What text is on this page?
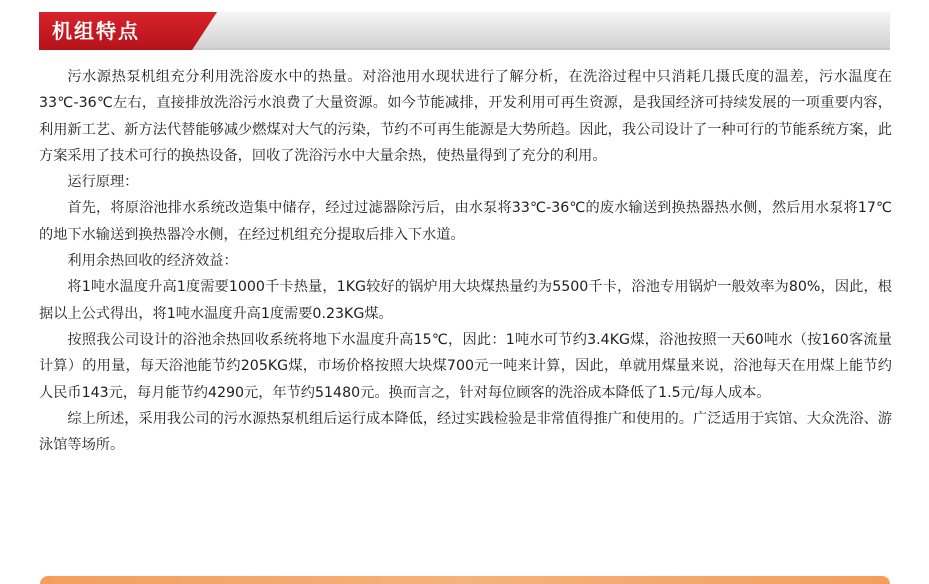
机组特点

污水源热泵机组充分利用洗浴废水中的热量。对浴池用水现状进行了解分析，在洗浴过程中只消耗几摄氏度的温差，污水温度在33℃-36℃左右，直接排放洗浴污水浪费了大量资源。如今节能减排，开发利用可再生资源，是我国经济可持续发展的一项重要内容，利用新工艺、新方法代替能够减少燃煤对大气的污染，节约不可再生能源是大势所趋。因此，我公司设计了一种可行的节能系统方案，此方案采用了技术可行的换热设备，回收了洗浴污水中大量余热，使热量得到了充分的利用。

运行原理：

首先，将原浴池排水系统改造集中储存，经过过滤器除污后，由水泵将33℃-36℃的废水输送到换热器热水侧，然后用水泵将17℃的地下水输送到换热器冷水侧，在经过机组充分提取后排入下水道。

利用余热回收的经济效益：

将1吨水温度升高1度需要1000千卡热量，1KG较好的锅炉用大块煤热量约为5500千卡，浴池专用锅炉一般效率为80%，因此，根据以上公式得出，将1吨水温度升高1度需要0.23KG煤。

按照我公司设计的浴池余热回收系统将地下水温度升高15℃，因此：1吨水可节约3.4KG煤，浴池按照一天60吨水（按160客流量计算）的用量，每天浴池能节约205KG煤，市场价格按照大块煤700元一吨来计算，因此，单就用煤量来说，浴池每天在用煤上能节约人民币143元，每月能节约4290元，年节约51480元。换而言之，针对每位顾客的洗浴成本降低了1.5元/每人成本。

综上所述，采用我公司的污水源热泵机组后运行成本降低，经过实践检验是非常值得推广和使用的。广泛适用于宾馆、大众洗浴、游泳馆等场所。
